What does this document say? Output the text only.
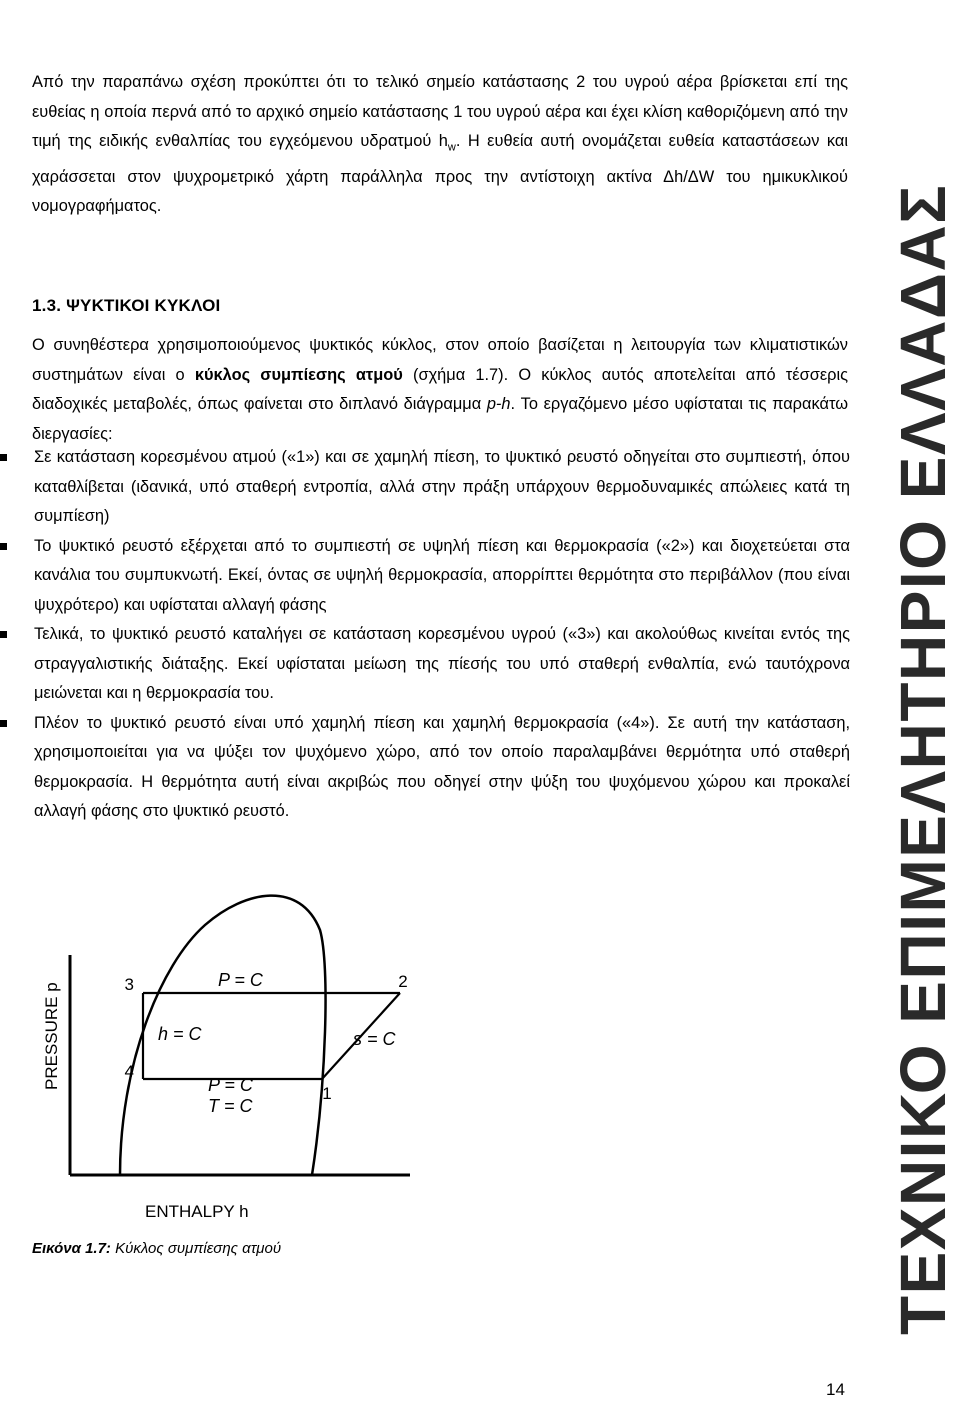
Από την παραπάνω σχέση προκύπτει ότι το τελικό σημείο κατάστασης 2 του υγρού αέρα βρίσκεται επί της ευθείας η οποία περνά από το αρχικό σημείο κατάστασης 1 του υγρού αέρα και έχει κλίση καθοριζόμενη από την τιμή της ειδικής ενθαλπίας του εγχεόμενου υδρατμού $h_w$. Η ευθεία αυτή ονομάζεται ευθεία καταστάσεων και χαράσσεται στον ψυχρομετρικό χάρτη παράλληλα προς την αντίστοιχη ακτίνα Δh/ΔW του ημικυκλικού νομογραφήματος.

1.3. ΨΥΚΤΙΚΟΙ ΚΥΚΛΟΙ

Ο συνηθέστερα χρησιμοποιούμενος ψυκτικός κύκλος, στον οποίο βασίζεται η λειτουργία των κλιματιστικών συστημάτων είναι ο κύκλος συμπίεσης ατμού (σχήμα 1.7). Ο κύκλος αυτός αποτελείται από τέσσερις διαδοχικές μεταβολές, όπως φαίνεται στο διπλανό διάγραμμα p-h. Το εργαζόμενο μέσο υφίσταται τις παρακάτω διεργασίες:

Σε κατάσταση κορεσμένου ατμού («1») και σε χαμηλή πίεση, το ψυκτικό ρευστό οδηγείται στο συμπιεστή, όπου καταθλίβεται (ιδανικά, υπό σταθερή εντροπία, αλλά στην πράξη υπάρχουν θερμοδυναμικές απώλειες κατά τη συμπίεση)
Το ψυκτικό ρευστό εξέρχεται από το συμπιεστή σε υψηλή πίεση και θερμοκρασία («2») και διοχετεύεται στα κανάλια του συμπυκνωτή. Εκεί, όντας σε υψηλή θερμοκρασία, απορρίπτει θερμότητα στο περιβάλλον (που είναι ψυχρότερο) και υφίσταται αλλαγή φάσης
Τελικά, το ψυκτικό ρευστό καταλήγει σε κατάσταση κορεσμένου υγρού («3») και ακολούθως κινείται εντός της στραγγαλιστικής διάταξης. Εκεί υφίσταται μείωση της πίεσής του υπό σταθερή ενθαλπία, ενώ ταυτόχρονα μειώνεται και η θερμοκρασία του.
Πλέον το ψυκτικό ρευστό είναι υπό χαμηλή πίεση και χαμηλή θερμοκρασία («4»). Σε αυτή την κατάσταση, χρησιμοποιείται για να ψύξει τον ψυχόμενο χώρο, από τον οποίο παραλαμβάνει θερμότητα υπό σταθερή θερμοκρασία. Η θερμότητα αυτή είναι ακριβώς που οδηγεί στην ψύξη του ψυχόμενου χώρου και προκαλεί αλλαγή φάσης στο ψυκτικό ρευστό.
3	2
4
1
P = C
h = C	s = C
P = C
T = C
PRESSURE p
ENTHALPY h

Εικόνα 1.7: Κύκλος συμπίεσης ατμού	ΤΕΧΝΙΚΟ ΕΠΙΜΕΛΗΤΗΡΙΟ ΕΛΛΑΔΑΣ
14
